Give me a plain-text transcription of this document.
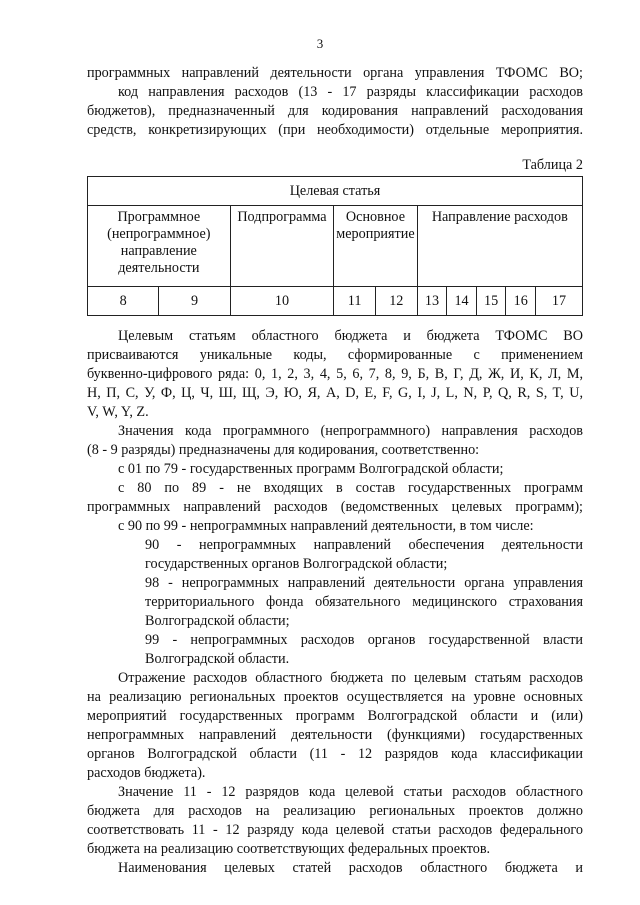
3
программных направлений деятельности органа управления ТФОМС ВО;
код направления расходов (13 - 17 разряды классификации расходов
бюджетов), предназначенный для кодирования направлений расходования
средств, конкретизирующих (при необходимости) отдельные мероприятия.
Таблица 2
Целевая статья									
Программное (непрограммное) направление деятельности		Подпрограмма	Основное мероприятие		Направление расходов				
8	9	10	11	12	13	14	15	16	17
Целевым статьям областного бюджета и бюджета ТФОМС ВО
присваиваются уникальные коды, сформированные с применением
буквенно-цифрового ряда: 0, 1, 2, 3, 4, 5, 6, 7, 8, 9, Б, В, Г, Д, Ж, И, К, Л, М,
Н, П, С, У, Ф, Ц, Ч, Ш, Щ, Э, Ю, Я, A, D, E, F, G, I, J, L, N, P, Q, R, S, T, U,
V, W, Y, Z.
Значения кода программного (непрограммного) направления расходов
(8 - 9 разряды) предназначены для кодирования, соответственно:
с 01 по 79 - государственных программ Волгоградской области;
с 80 по 89 - не входящих в состав государственных программ
программных направлений расходов (ведомственных целевых программ);
с 90 по 99 - непрограммных направлений деятельности, в том числе:
90 - непрограммных направлений обеспечения деятельности
государственных органов Волгоградской области;
98 - непрограммных направлений деятельности органа управления
территориального фонда обязательного медицинского страхования
Волгоградской области;
99 - непрограммных расходов органов государственной власти
Волгоградской области.
Отражение расходов областного бюджета по целевым статьям расходов
на реализацию региональных проектов осуществляется на уровне основных
мероприятий государственных программ Волгоградской области и (или)
непрограммных направлений деятельности (функциями) государственных
органов Волгоградской области (11 - 12 разрядов кода классификации
расходов бюджета).
Значение 11 - 12 разрядов кода целевой статьи расходов областного
бюджета для расходов на реализацию региональных проектов должно
соответствовать 11 - 12 разряду кода целевой статьи расходов федерального
бюджета на реализацию соответствующих федеральных проектов.
Наименования целевых статей расходов областного бюджета и
